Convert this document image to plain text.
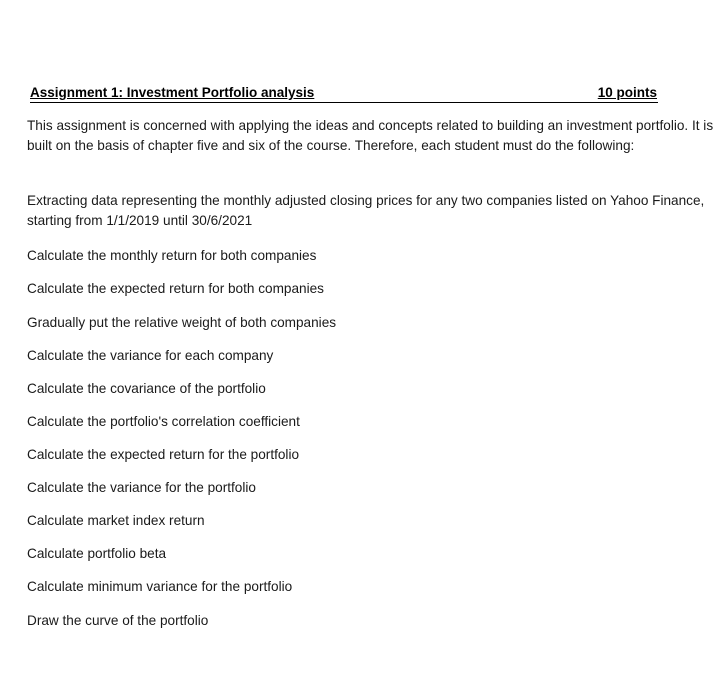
Assignment 1: Investment Portfolio analysis	10 points

This assignment is concerned with applying the ideas and concepts related to building an investment portfolio. It is built on the basis of chapter five and six of the course. Therefore, each student must do the following:

Extracting data representing the monthly adjusted closing prices for any two companies listed on Yahoo Finance, starting from 1/1/2019 until 30/6/2021

Calculate the monthly return for both companies

Calculate the expected return for both companies

Gradually put the relative weight of both companies

Calculate the variance for each company

Calculate the covariance of the portfolio

Calculate the portfolio's correlation coefficient

Calculate the expected return for the portfolio

Calculate the variance for the portfolio

Calculate market index return

Calculate portfolio beta

Calculate minimum variance for the portfolio

Draw the curve of the portfolio
